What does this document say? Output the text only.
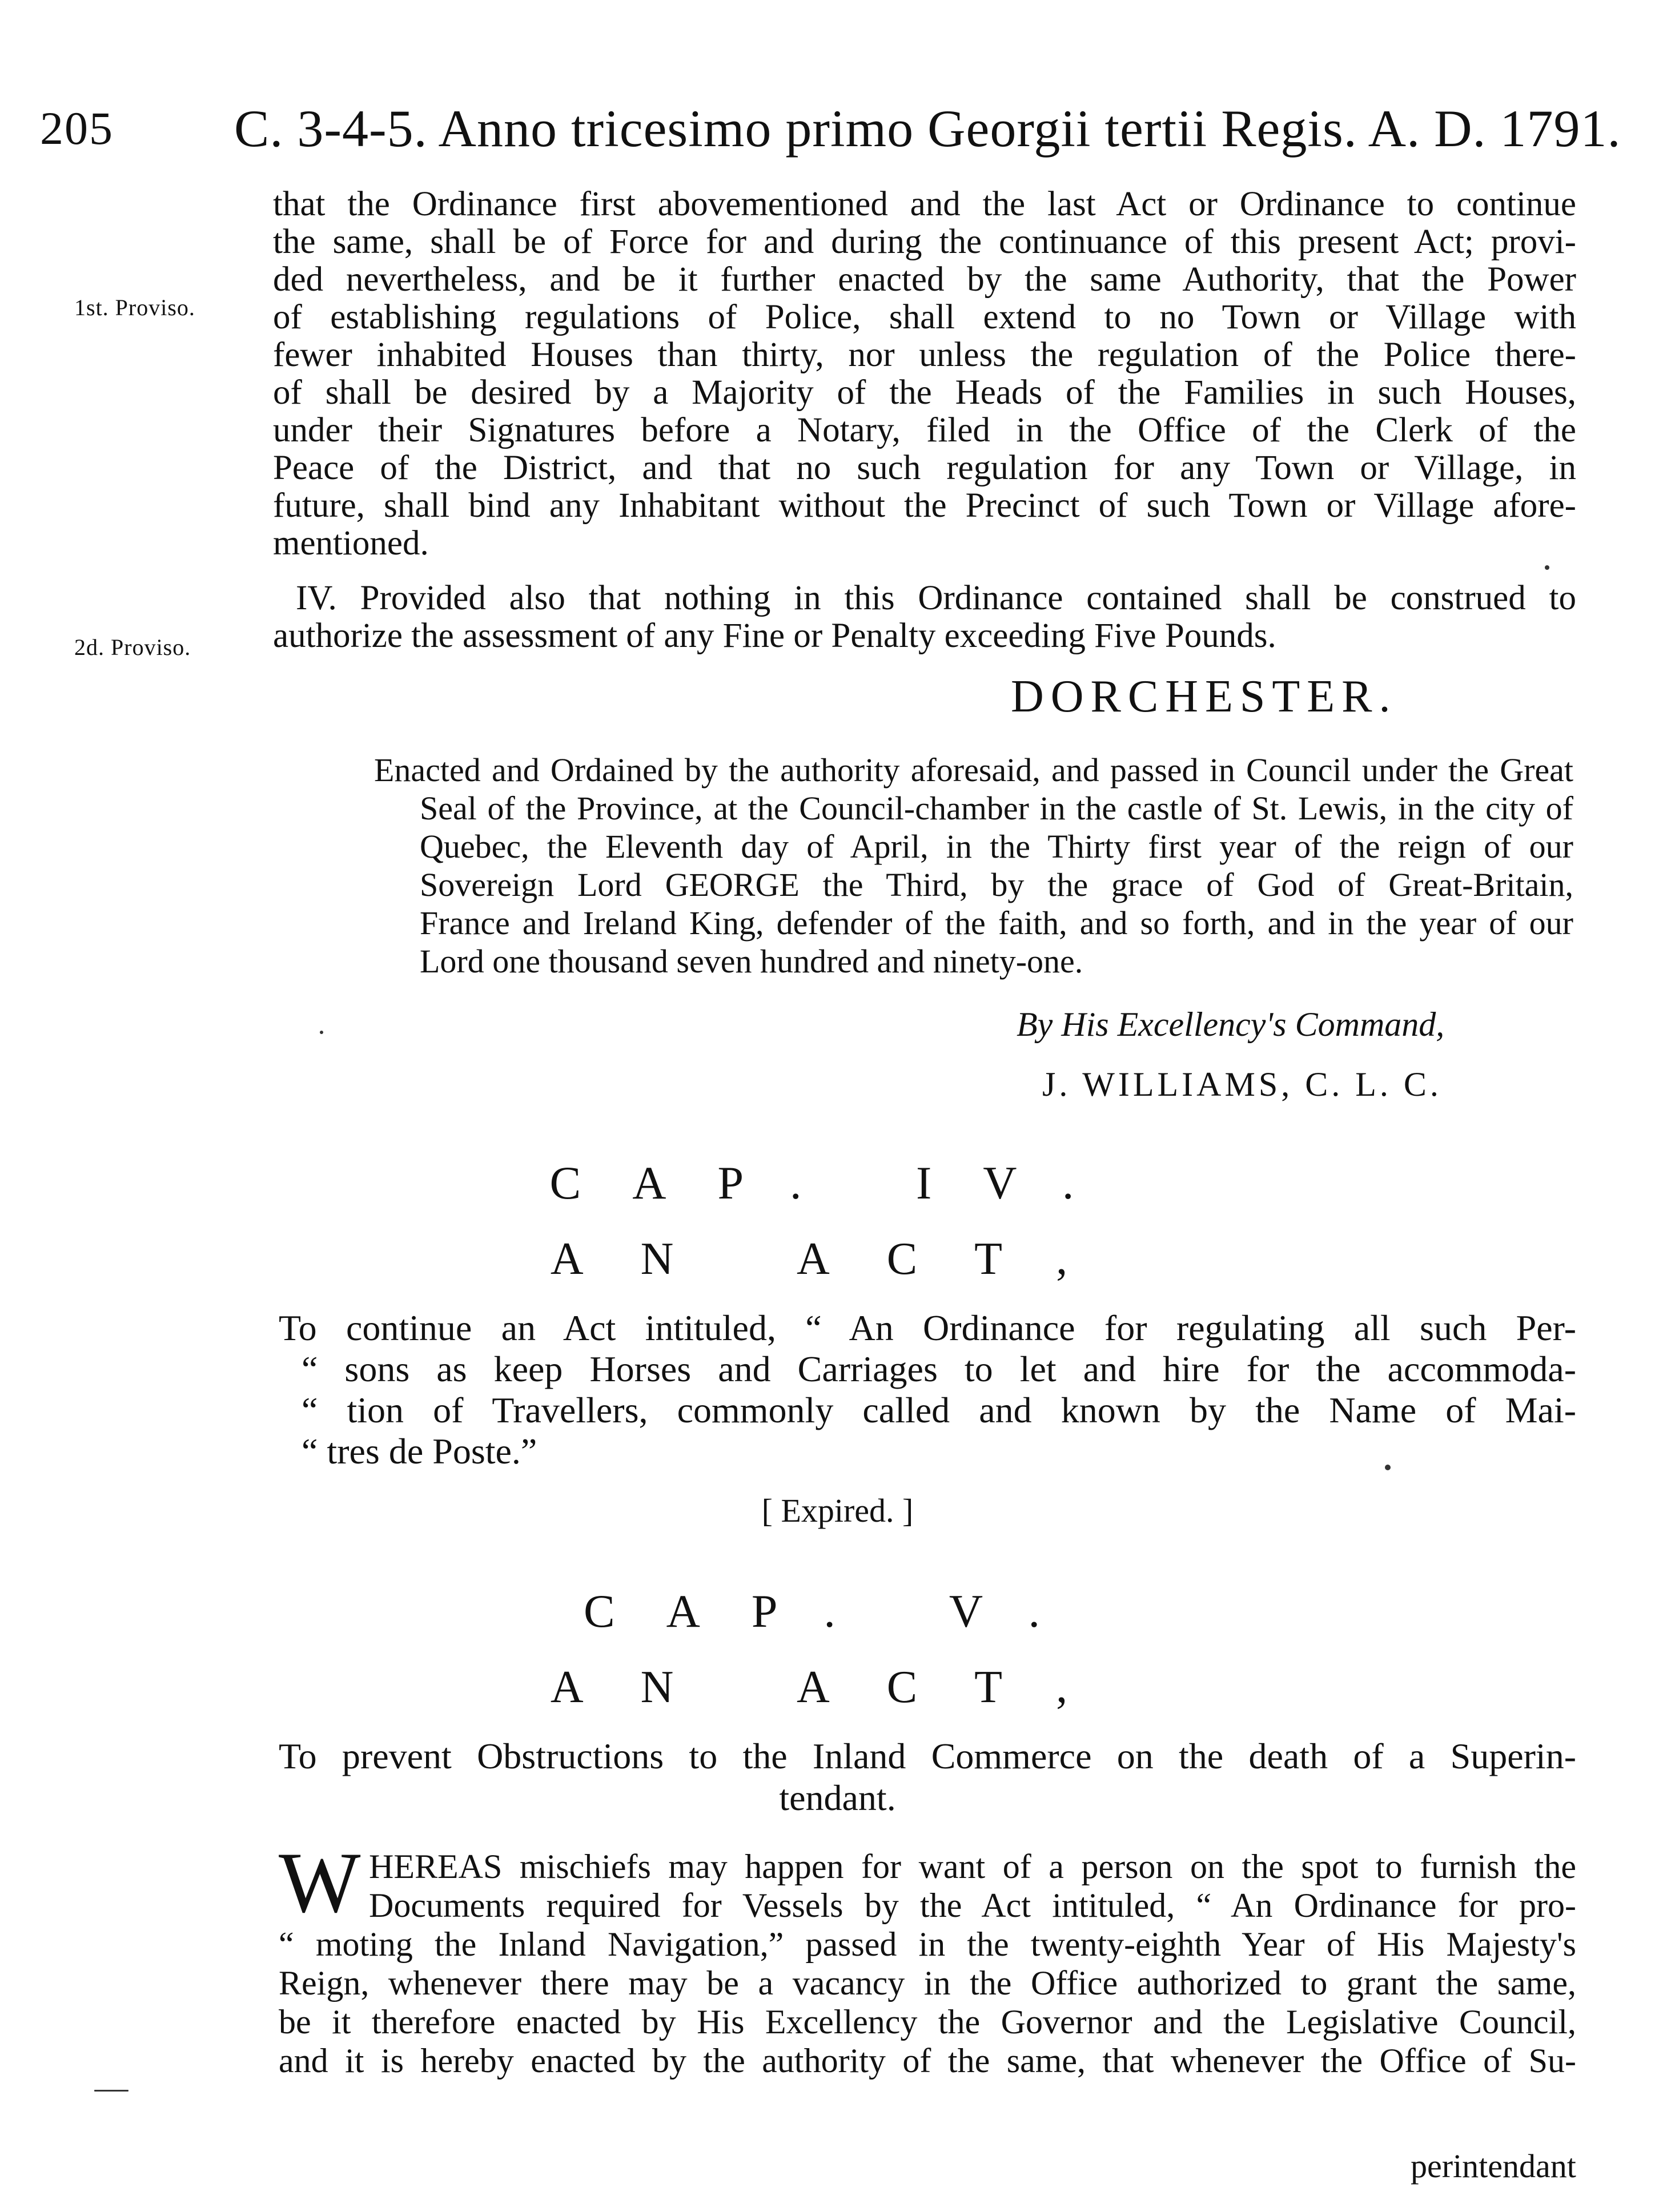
205 C. 3-4-5. Anno tricesimo primo Georgii tertii Regis. A. D. 1791.
that the Ordinance first abovementioned and the last Act or Ordinance to continue
the same, shall be of Force for and during the continuance of this present Act; provi-
ded nevertheless, and be it further enacted by the same Authority, that the Power
of establishing regulations of Police, shall extend to no Town or Village with
fewer inhabited Houses than thirty, nor unless the regulation of the Police there-
of shall be desired by a Majority of the Heads of the Families in such Houses,
under their Signatures before a Notary, filed in the Office of the Clerk of the
Peace of the District, and that no such regulation for any Town or Village, in
future, shall bind any Inhabitant without the Precinct of such Town or Village afore-
mentioned.
1st. Proviso.
IV. Provided also that nothing in this Ordinance contained shall be construed to
authorize the assessment of any Fine or Penalty exceeding Five Pounds.
2d. Proviso.
DORCHESTER.
Enacted and Ordained by the authority aforesaid, and passed in Council under the Great
Seal of the Province, at the Council-chamber in the castle of St. Lewis, in the city of
Quebec, the Eleventh day of April, in the Thirty first year of the reign of our
Sovereign Lord GEORGE the Third, by the grace of God of Great-Britain,
France and Ireland King, defender of the faith, and so forth, and in the year of our
Lord one thousand seven hundred and ninety-one.
By His Excellency's Command,
J. WILLIAMS, C. L. C.
CAP. IV.
AN ACT,
To continue an Act intituled, “ An Ordinance for regulating all such Per-
“ sons as keep Horses and Carriages to let and hire for the accommoda-
“ tion of Travellers, commonly called and known by the Name of Mai-
“ tres de Poste.”
[ Expired. ]
CAP. V.
AN ACT,
To prevent Obstructions to the Inland Commerce on the death of a Superin-
tendant.
W HEREAS mischiefs may happen for want of a person on the spot to furnish the
Documents required for Vessels by the Act intituled, “ An Ordinance for pro-
“ moting the Inland Navigation,” passed in the twenty-eighth Year of His Majesty's
Reign, whenever there may be a vacancy in the Office authorized to grant the same,
be it therefore enacted by His Excellency the Governor and the Legislative Council,
and it is hereby enacted by the authority of the same, that whenever the Office of Su-
perintendant
